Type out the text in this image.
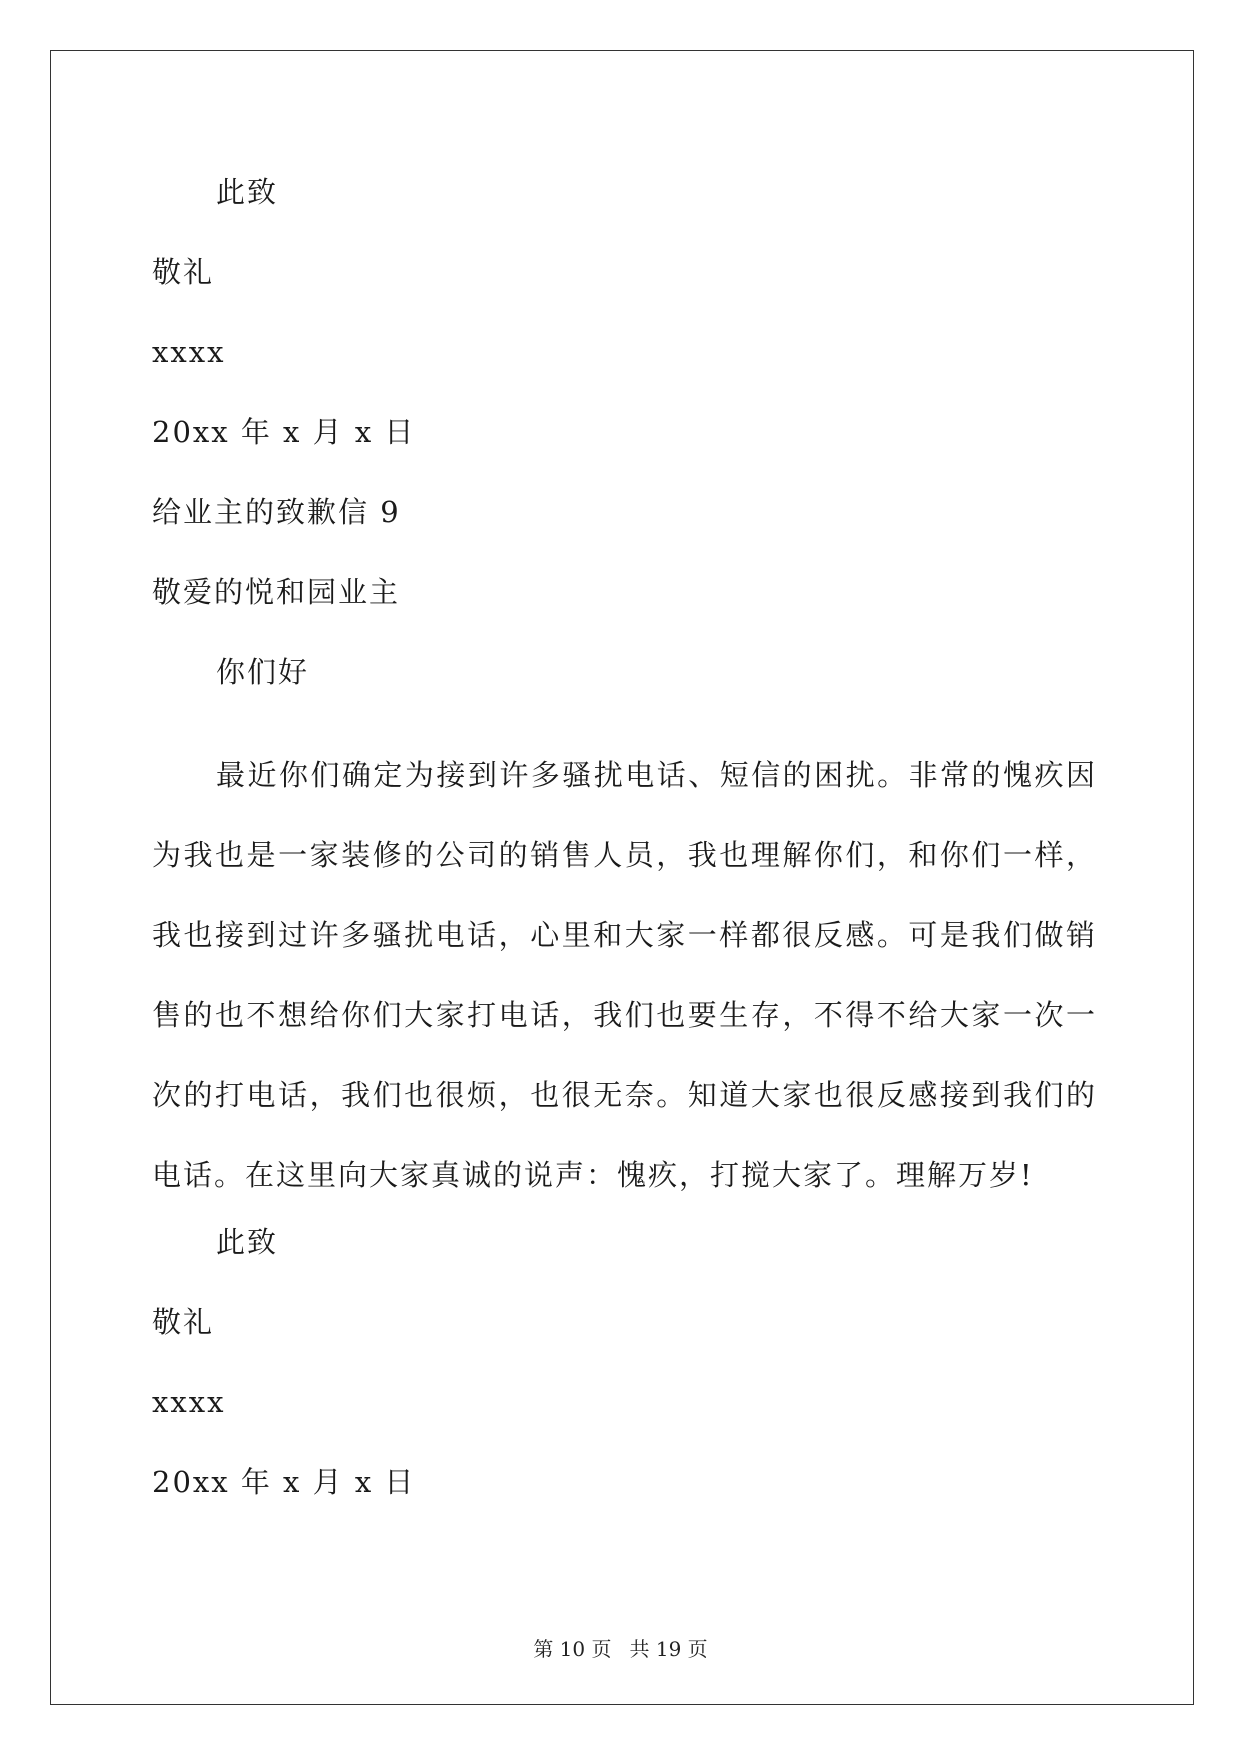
此致
敬礼
xxxx
20xx 年 x 月 x 日
给业主的致歉信 9
敬爱的悦和园业主
你们好

最近你们确定为接到许多骚扰电话、短信的困扰。非常的愧疚因为我也是一家装修的公司的销售人员，我也理解你们，和你们一样，我也接到过许多骚扰电话，心里和大家一样都很反感。可是我们做销售的也不想给你们大家打电话，我们也要生存，不得不给大家一次一次的打电话，我们也很烦，也很无奈。知道大家也很反感接到我们的电话。在这里向大家真诚的说声：愧疚，打搅大家了。理解万岁!

此致
敬礼
xxxx
20xx 年 x 月 x 日
第 10 页 共 19 页
